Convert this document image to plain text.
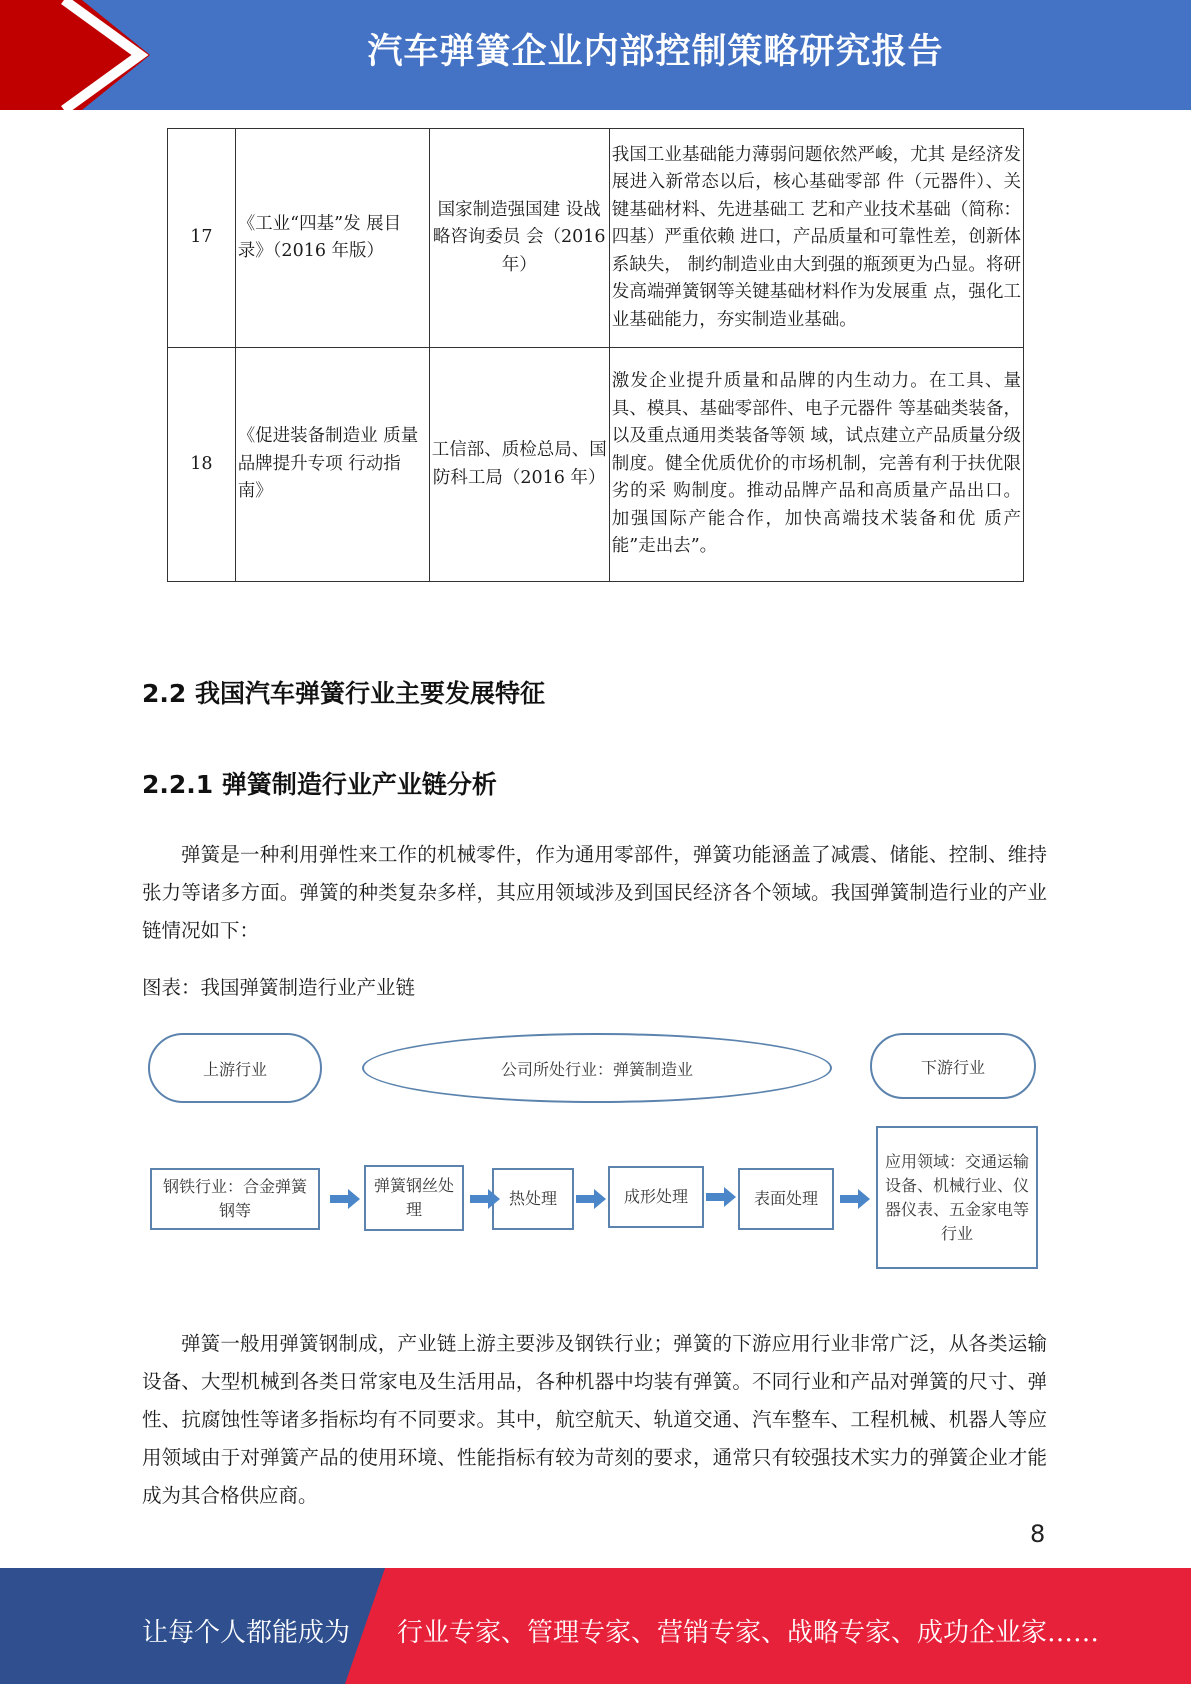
汽车弹簧企业内部控制策略研究报告
17	《工业“四基”发 展目录》（2016 年版）	国家制造强国建 设战略咨询委员 会（2016 年）	我国工业基础能力薄弱问题依然严峻，尤其 是经济发展进入新常态以后，核心基础零部 件（元器件）、关键基础材料、先进基础工 艺和产业技术基础（简称：四基）严重依赖 进口，产品质量和可靠性差，创新体系缺失， 制约制造业由大到强的瓶颈更为凸显。将研 发高端弹簧钢等关键基础材料作为发展重 点，强化工业基础能力，夯实制造业基础。
18	《促进装备制造业 质量品牌提升专项 行动指南》	工信部、质检总局、国防科工局（2016 年）	激发企业提升质量和品牌的内生动力。在工具、量具、模具、基础零部件、电子元器件 等基础类装备，以及重点通用类装备等领 域，试点建立产品质量分级制度。健全优质优价的市场机制，完善有利于扶优限劣的采 购制度。推动品牌产品和高质量产品出口。 加强国际产能合作，加快高端技术装备和优 质产能”走出去”。
2.2 我国汽车弹簧行业主要发展特征
2.2.1 弹簧制造行业产业链分析

弹簧是一种利用弹性来工作的机械零件，作为通用零部件，弹簧功能涵盖了减震、储能、控制、维持张力等诸多方面。弹簧的种类复杂多样，其应用领域涉及到国民经济各个领域。我国弹簧制造行业的产业链情况如下：

图表：我国弹簧制造行业产业链
上游行业	公司所处行业：弹簧制造业	下游行业
钢铁行业：合金弹簧钢等
弹簧钢丝处理
热处理	成形处理	表面处理
应用领域：交通运输设备、机械行业、仪器仪表、五金家电等行业

弹簧一般用弹簧钢制成，产业链上游主要涉及钢铁行业；弹簧的下游应用行业非常广泛，从各类运输设备、大型机械到各类日常家电及生活用品，各种机器中均装有弹簧。不同行业和产品对弹簧的尺寸、弹性、抗腐蚀性等诸多指标均有不同要求。其中，航空航天、轨道交通、汽车整车、工程机械、机器人等应用领域由于对弹簧产品的使用环境、性能指标有较为苛刻的要求，通常只有较强技术实力的弹簧企业才能成为其合格供应商。

8
让每个人都能成为 行业专家、管理专家、营销专家、战略专家、成功企业家……
